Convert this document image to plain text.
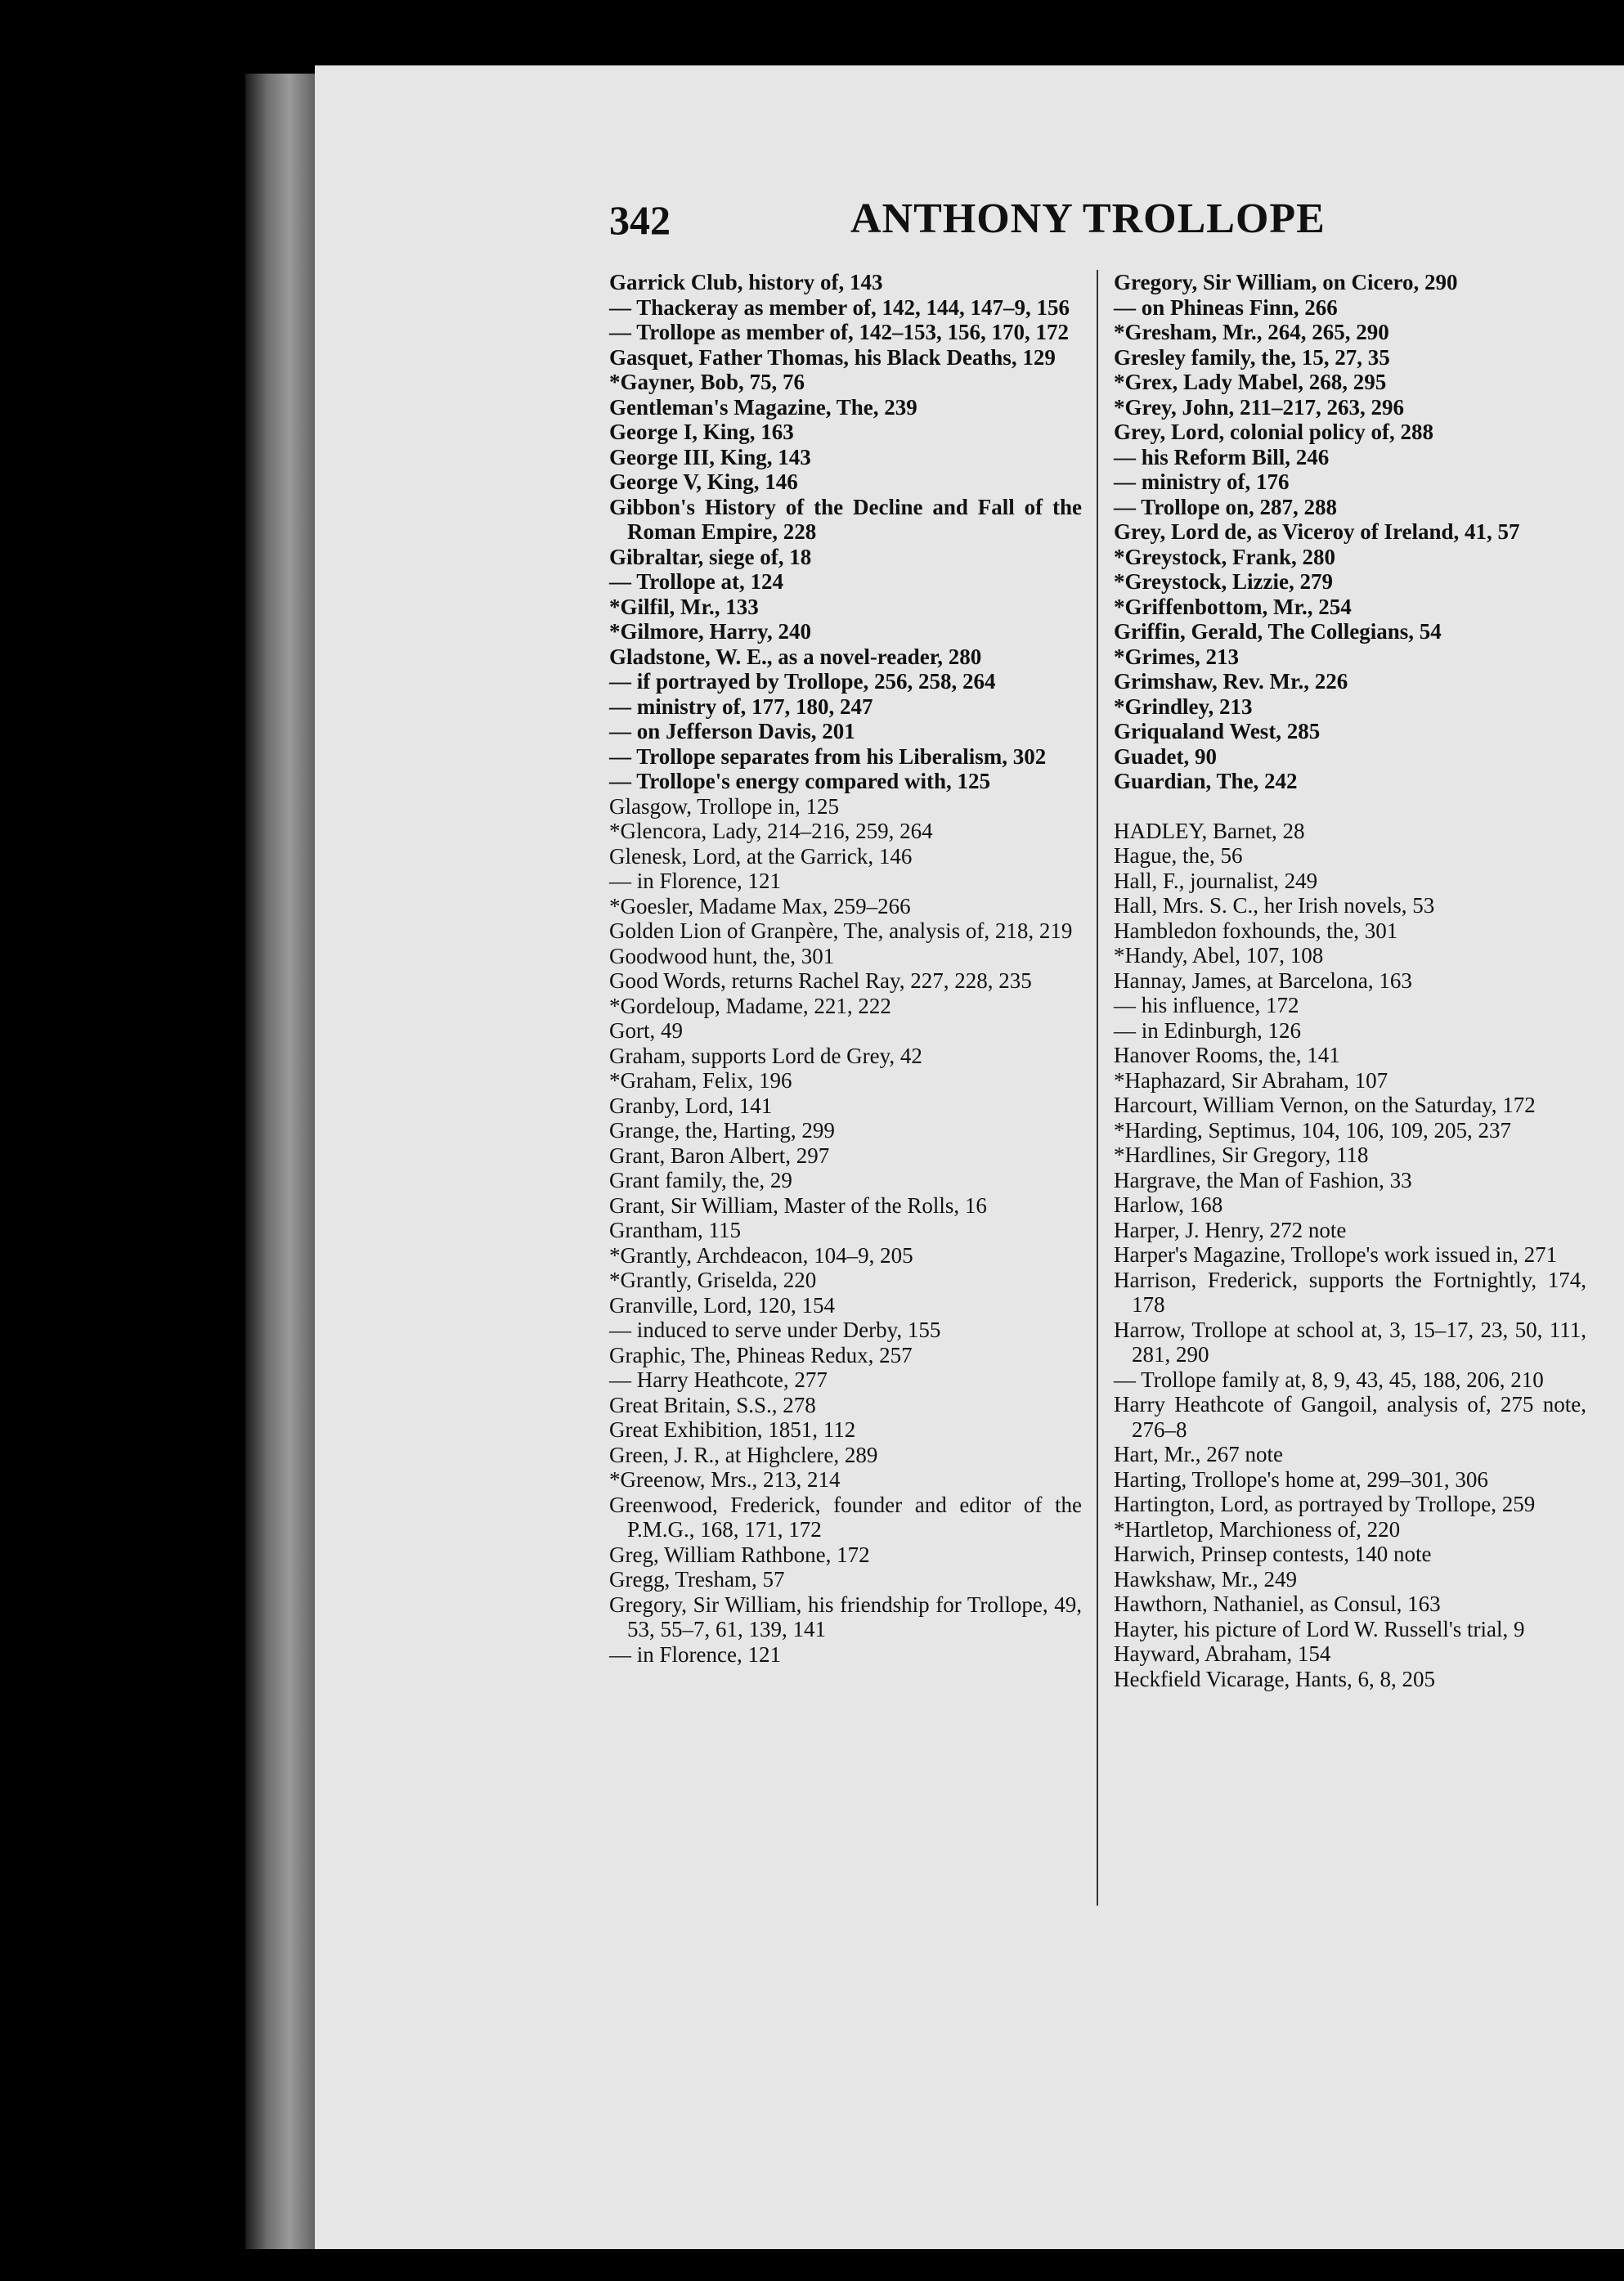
342	ANTHONY TROLLOPE
Garrick Club, history of, 143
— Thackeray as member of, 142, 144, 147–9, 156
— Trollope as member of, 142–153, 156, 170, 172
Gasquet, Father Thomas, his Black Deaths, 129
*Gayner, Bob, 75, 76
Gentleman's Magazine, The, 239
George I, King, 163
George III, King, 143
George V, King, 146
Gibbon's History of the Decline and Fall of the Roman Empire, 228
Gibraltar, siege of, 18
— Trollope at, 124
*Gilfil, Mr., 133
*Gilmore, Harry, 240
Gladstone, W. E., as a novel-reader, 280
— if portrayed by Trollope, 256, 258, 264
— ministry of, 177, 180, 247
— on Jefferson Davis, 201
— Trollope separates from his Liberalism, 302
— Trollope's energy compared with, 125
Glasgow, Trollope in, 125
*Glencora, Lady, 214–216, 259, 264
Glenesk, Lord, at the Garrick, 146
— in Florence, 121
*Goesler, Madame Max, 259–266
Golden Lion of Granpère, The, analysis of, 218, 219
Goodwood hunt, the, 301
Good Words, returns Rachel Ray, 227, 228, 235
*Gordeloup, Madame, 221, 222
Gort, 49
Graham, supports Lord de Grey, 42
*Graham, Felix, 196
Granby, Lord, 141
Grange, the, Harting, 299
Grant, Baron Albert, 297
Grant family, the, 29
Grant, Sir William, Master of the Rolls, 16
Grantham, 115
*Grantly, Archdeacon, 104–9, 205
*Grantly, Griselda, 220
Granville, Lord, 120, 154
— induced to serve under Derby, 155
Graphic, The, Phineas Redux, 257
— Harry Heathcote, 277
Great Britain, S.S., 278
Great Exhibition, 1851, 112
Green, J. R., at Highclere, 289
*Greenow, Mrs., 213, 214
Greenwood, Frederick, founder and editor of the P.M.G., 168, 171, 172
Greg, William Rathbone, 172
Gregg, Tresham, 57
Gregory, Sir William, his friendship for Trollope, 49, 53, 55–7, 61, 139, 141
— in Florence, 121
Gregory, Sir William, on Cicero, 290
— on Phineas Finn, 266
*Gresham, Mr., 264, 265, 290
Gresley family, the, 15, 27, 35
*Grex, Lady Mabel, 268, 295
*Grey, John, 211–217, 263, 296
Grey, Lord, colonial policy of, 288
— his Reform Bill, 246
— ministry of, 176
— Trollope on, 287, 288
Grey, Lord de, as Viceroy of Ireland, 41, 57
*Greystock, Frank, 280
*Greystock, Lizzie, 279
*Griffenbottom, Mr., 254
Griffin, Gerald, The Collegians, 54
*Grimes, 213
Grimshaw, Rev. Mr., 226
*Grindley, 213
Griqualand West, 285
Guadet, 90
Guardian, The, 242
HADLEY, Barnet, 28
Hague, the, 56
Hall, F., journalist, 249
Hall, Mrs. S. C., her Irish novels, 53
Hambledon foxhounds, the, 301
*Handy, Abel, 107, 108
Hannay, James, at Barcelona, 163
— his influence, 172
— in Edinburgh, 126
Hanover Rooms, the, 141
*Haphazard, Sir Abraham, 107
Harcourt, William Vernon, on the Saturday, 172
*Harding, Septimus, 104, 106, 109, 205, 237
*Hardlines, Sir Gregory, 118
Hargrave, the Man of Fashion, 33
Harlow, 168
Harper, J. Henry, 272 note
Harper's Magazine, Trollope's work issued in, 271
Harrison, Frederick, supports the Fortnightly, 174, 178
Harrow, Trollope at school at, 3, 15–17, 23, 50, 111, 281, 290
— Trollope family at, 8, 9, 43, 45, 188, 206, 210
Harry Heathcote of Gangoil, analysis of, 275 note, 276–8
Hart, Mr., 267 note
Harting, Trollope's home at, 299–301, 306
Hartington, Lord, as portrayed by Trollope, 259
*Hartletop, Marchioness of, 220
Harwich, Prinsep contests, 140 note
Hawkshaw, Mr., 249
Hawthorn, Nathaniel, as Consul, 163
Hayter, his picture of Lord W. Russell's trial, 9
Hayward, Abraham, 154
Heckfield Vicarage, Hants, 6, 8, 205
